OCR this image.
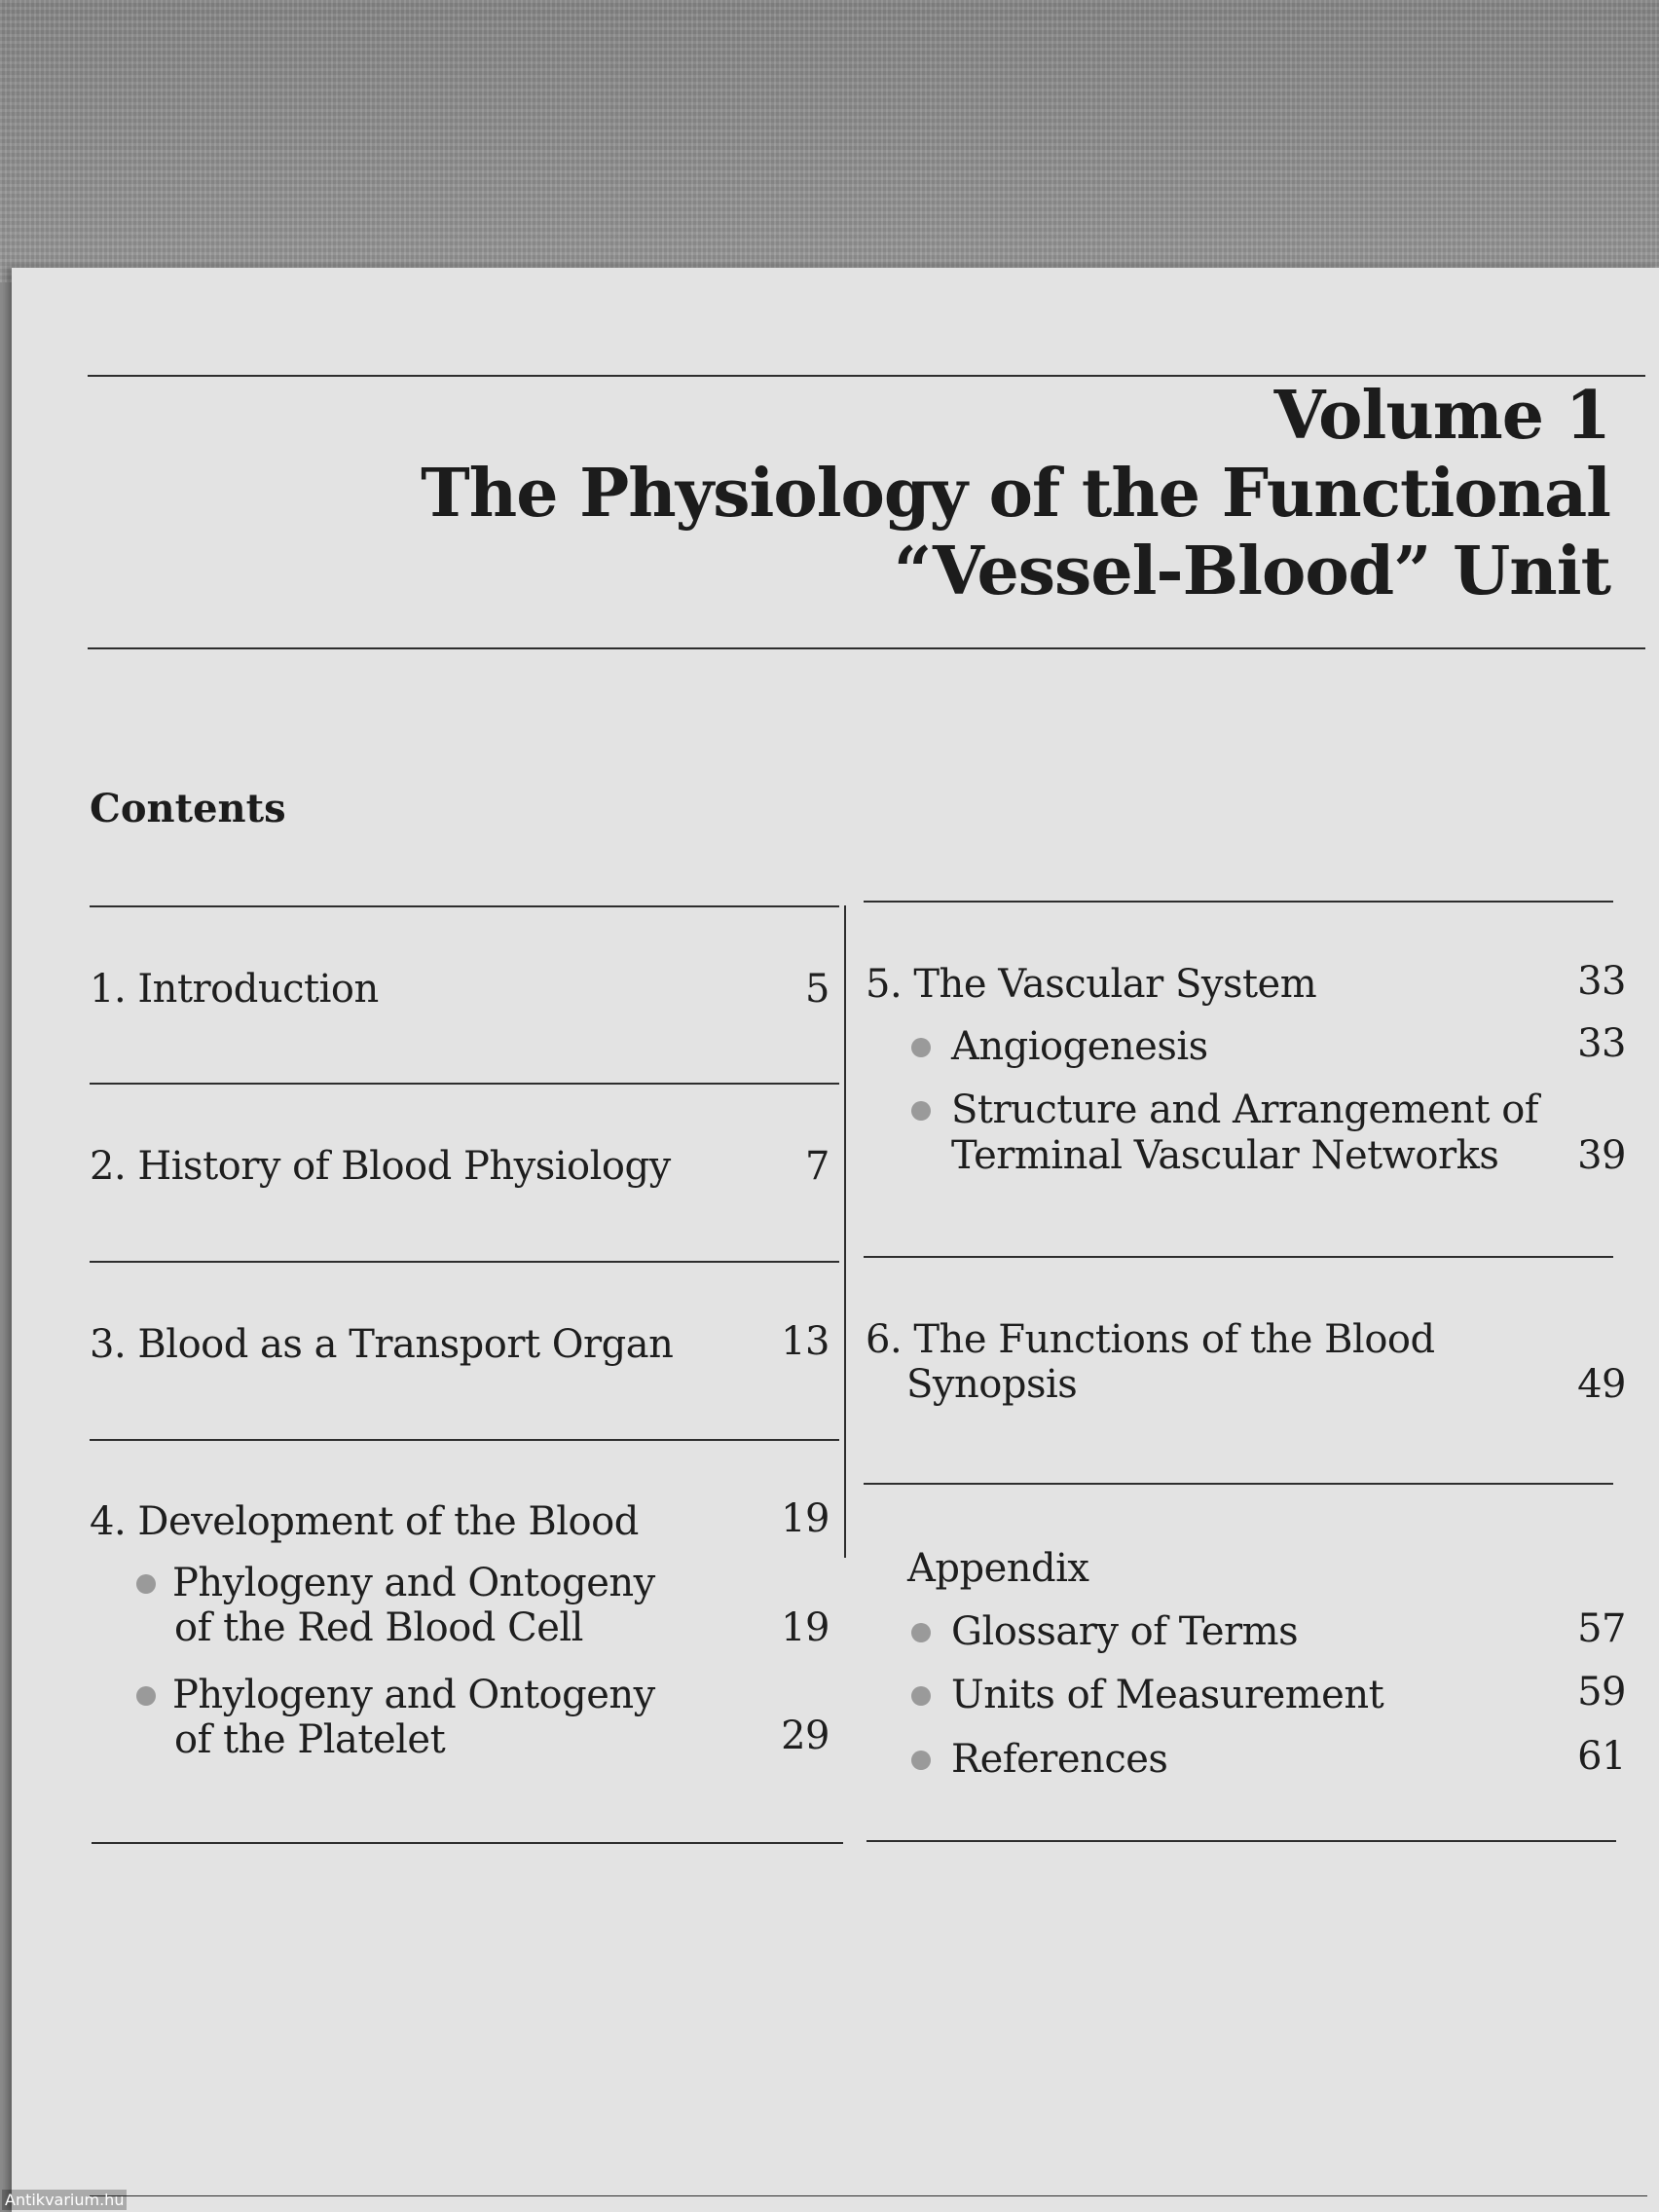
Volume 1
The Physiology of the Functional
“Vessel-Blood” Unit
Contents
1. Introduction	5
2. History of Blood Physiology	7
3. Blood as a Transport Organ	13
4. Development of the Blood	19
Phylogeny and Ontogeny
of the Red Blood Cell	19
Phylogeny and Ontogeny
of the Platelet	29
5. The Vascular System	33
Angiogenesis	33
Structure and Arrangement of
Terminal Vascular Networks	39
6. The Functions of the Blood
Synopsis	49
Appendix
Glossary of Terms	57
Units of Measurement	59
References	61
Antikvarium.hu
